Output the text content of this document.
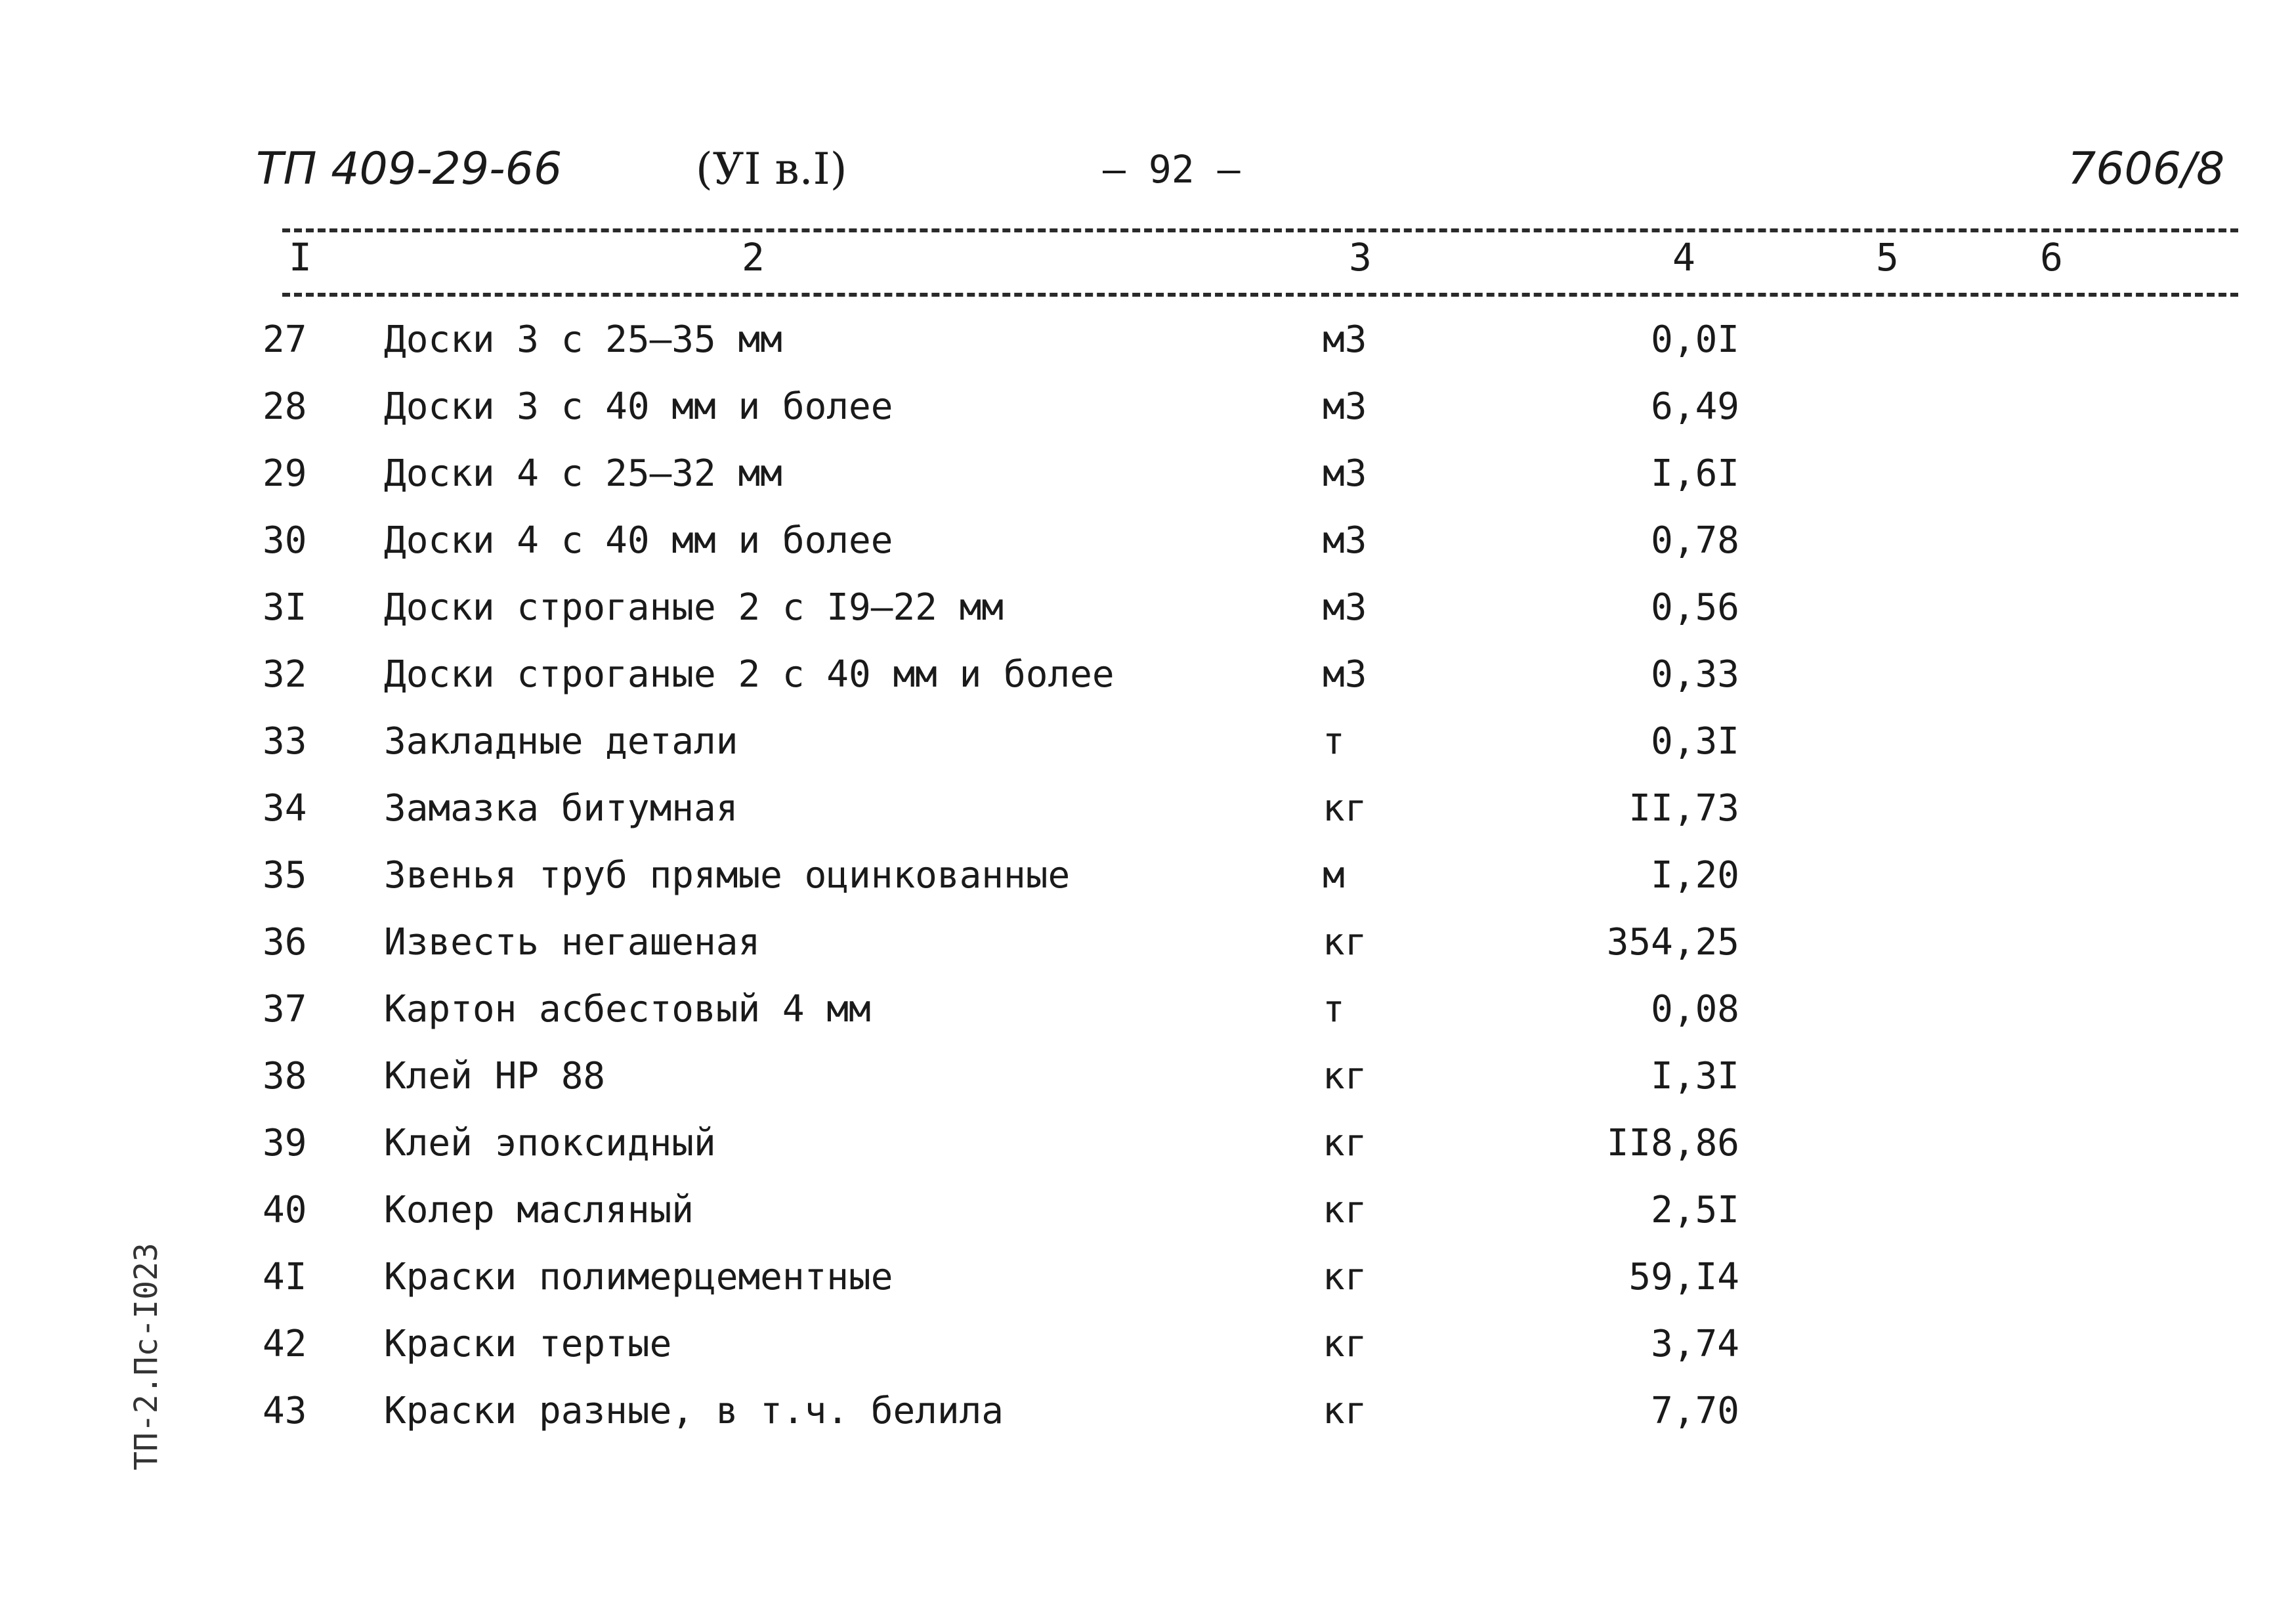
ТП 409-29-66	(УI в.I)	– 92 –	7606/8
I	2	3	4	5	6
27	Доски 3 с 25–35 мм	м3	0,0I
28	Доски 3 с 40 мм и более	м3	6,49
29	Доски 4 с 25–32 мм	м3	I,6I
30	Доски 4 с 40 мм и более	м3	0,78
3I	Доски строганые 2 с I9–22 мм	м3	0,56
32	Доски строганые 2 с 40 мм и более	м3	0,33
33	Закладные детали	т	0,3I
34	Замазка битумная	кг	II,73
35	Звенья труб прямые оцинкованные	м	I,20
36	Известь негашеная	кг	354,25
37	Картон асбестовый 4 мм	т	0,08
38	Клей НР 88	кг	I,3I
39	Клей эпоксидный	кг	II8,86
40	Колер масляный	кг	2,5I
4I	Краски полимерцементные	кг	59,I4
42	Краски тертые	кг	3,74
43	Краски разные, в т.ч. белила	кг	7,70
ТП-2.Пс-I023
